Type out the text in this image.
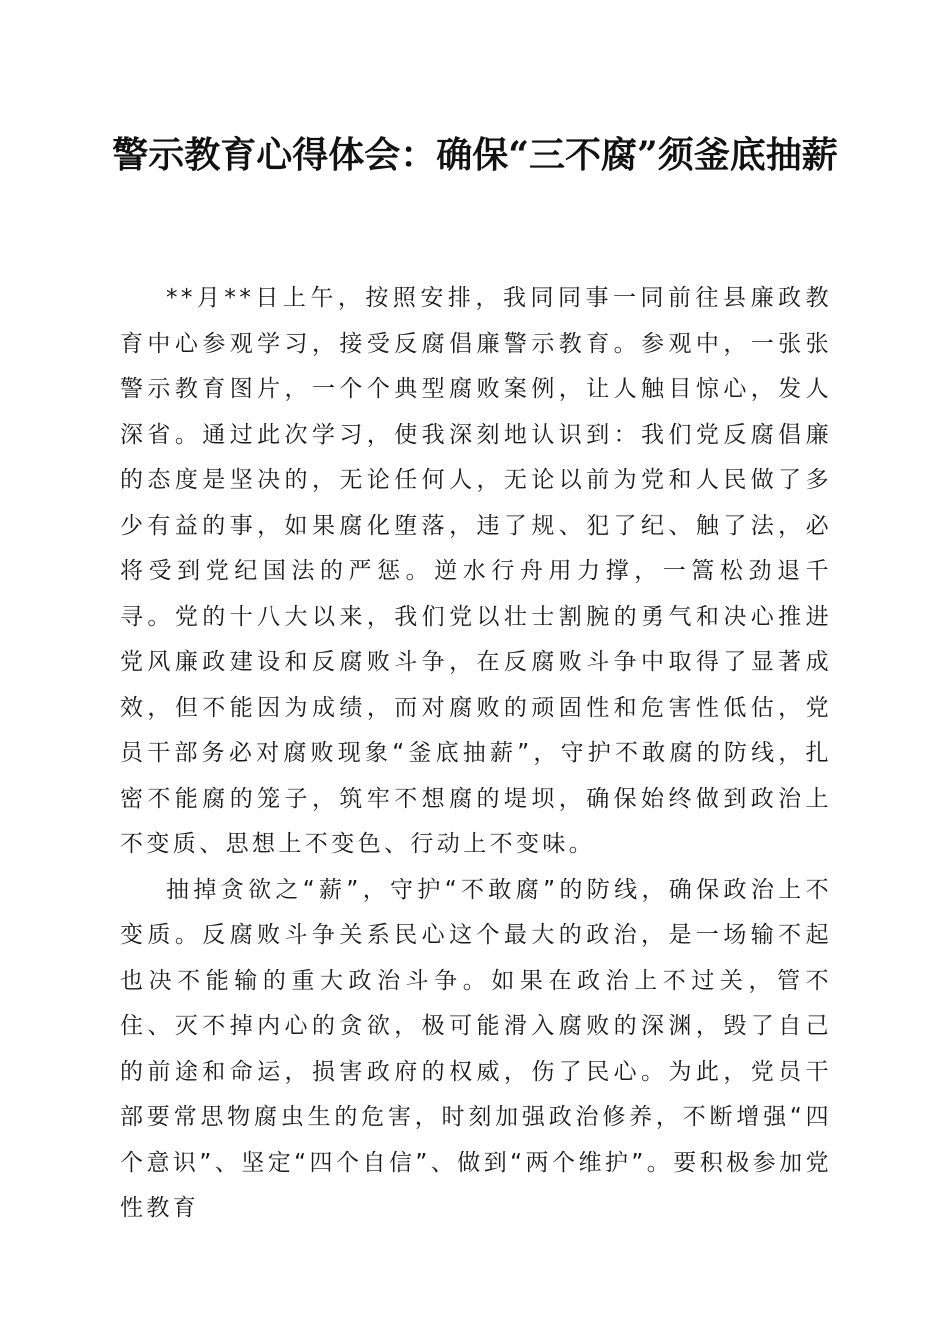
警示教育心得体会：确保“三不腐”须釜底抽薪

**月**日上午，按照安排，我同同事一同前往县廉政教育中心参观学习，接受反腐倡廉警示教育。参观中，一张张警示教育图片，一个个典型腐败案例，让人触目惊心，发人深省。通过此次学习，使我深刻地认识到：我们党反腐倡廉的态度是坚决的，无论任何人，无论以前为党和人民做了多少有益的事，如果腐化堕落，违了规、犯了纪、触了法，必将受到党纪国法的严惩。逆水行舟用力撑，一篙松劲退千寻。党的十八大以来，我们党以壮士割腕的勇气和决心推进党风廉政建设和反腐败斗争，在反腐败斗争中取得了显著成效，但不能因为成绩，而对腐败的顽固性和危害性低估，党员干部务必对腐败现象“釜底抽薪”，守护不敢腐的防线，扎密不能腐的笼子，筑牢不想腐的堤坝，确保始终做到政治上不变质、思想上不变色、行动上不变味。

抽掉贪欲之“薪”，守护“不敢腐”的防线，确保政治上不变质。反腐败斗争关系民心这个最大的政治，是一场输不起也决不能输的重大政治斗争。如果在政治上不过关，管不住、灭不掉内心的贪欲，极可能滑入腐败的深渊，毁了自己的前途和命运，损害政府的权威，伤了民心。为此，党员干部要常思物腐虫生的危害，时刻加强政治修养，不断增强“四个意识”、坚定“四个自信”、做到“两个维护”。要积极参加党性教育
